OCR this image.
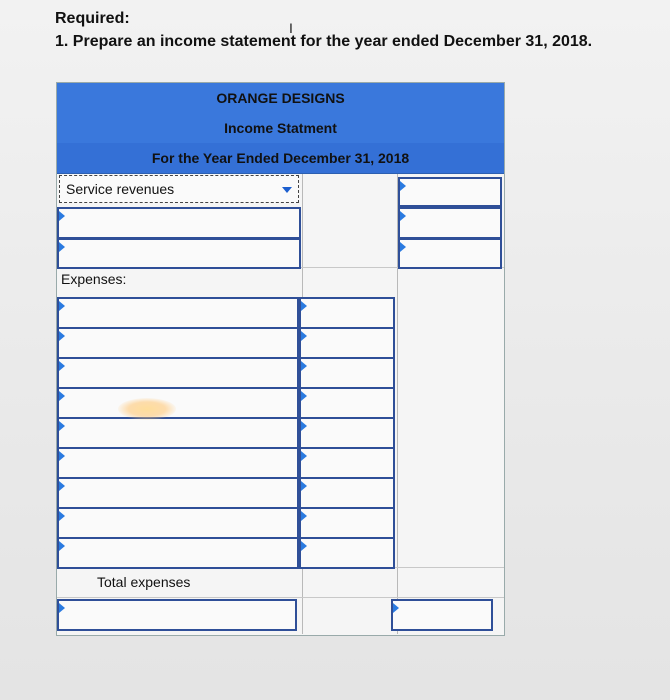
Required:
1. Prepare an income statement for the year ended December 31, 2018.
I
ORANGE DESIGNS
Income Statment
For the Year Ended December 31, 2018
Service revenues
Expenses:
Total expenses
